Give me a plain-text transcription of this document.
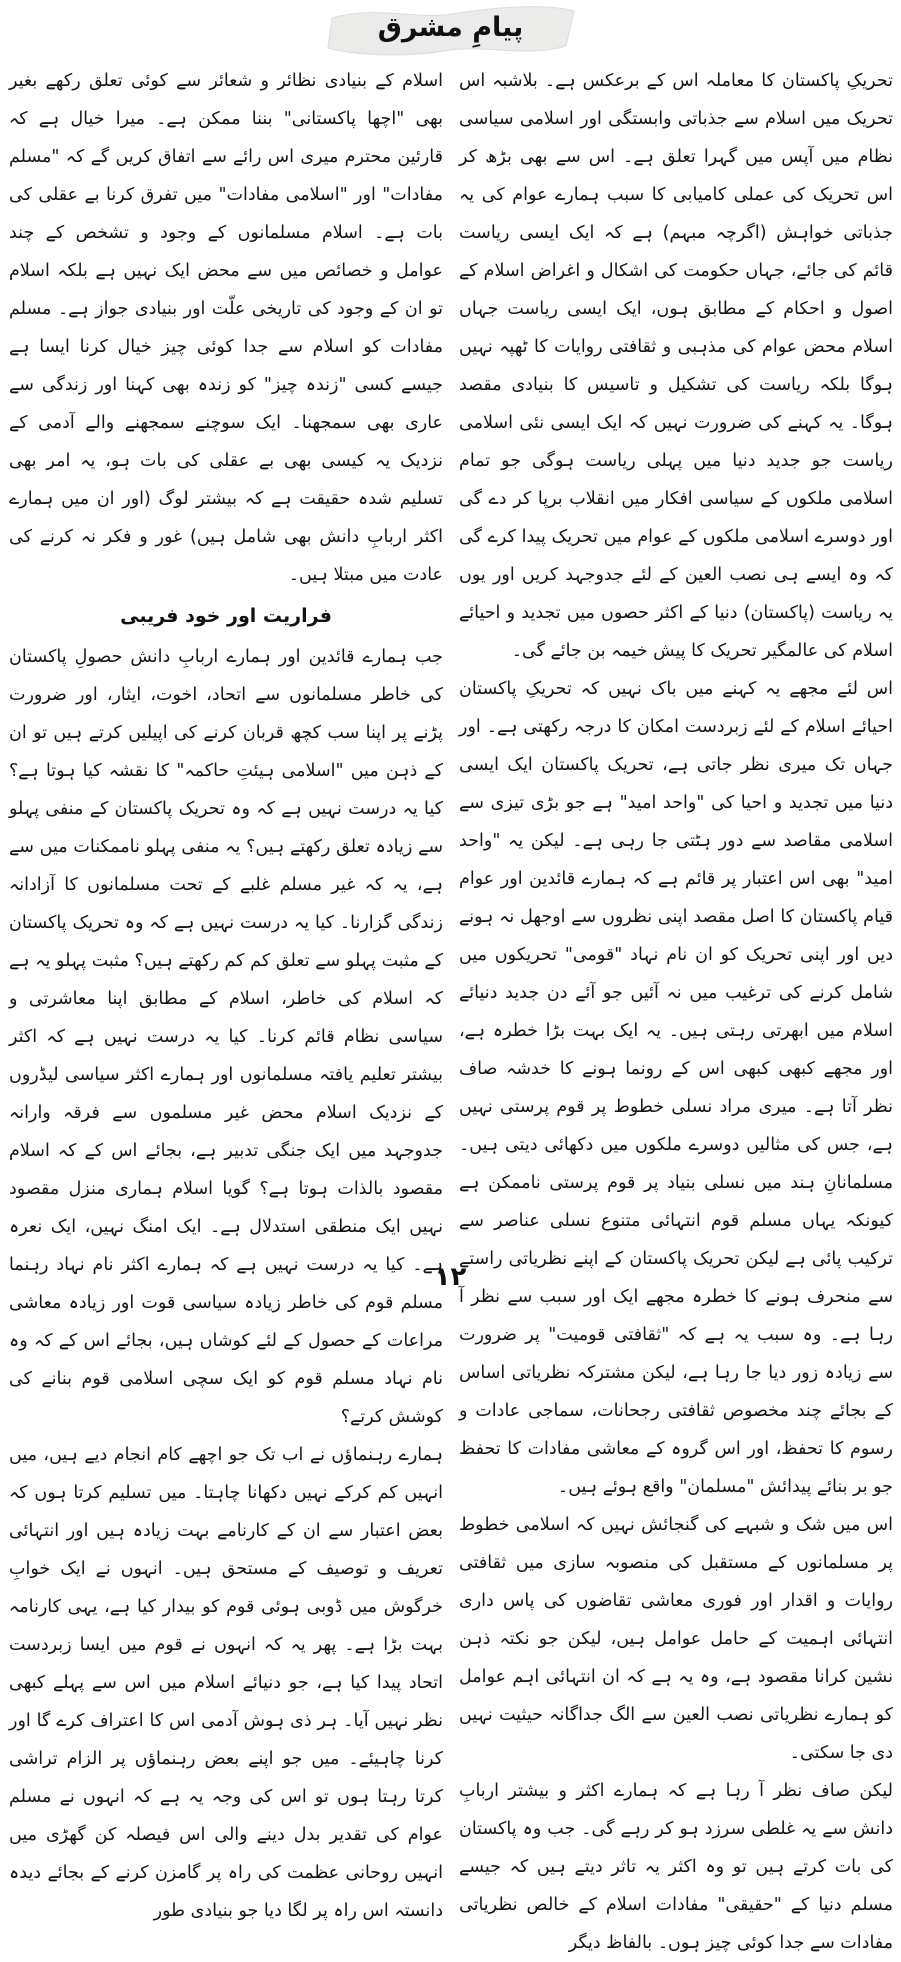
پیامِ مشرق

تحریکِ پاکستان کا معاملہ اس کے برعکس ہے۔ بلاشبہ اس تحریک میں اسلام سے جذباتی وابستگی اور اسلامی سیاسی نظام میں آپس میں گہرا تعلق ہے۔ اس سے بھی بڑھ کر اس تحریک کی عملی کامیابی کا سبب ہمارے عوام کی یہ جذباتی خواہش (اگرچہ مبہم) ہے کہ ایک ایسی ریاست قائم کی جائے، جہاں حکومت کی اشکال و اغراض اسلام کے اصول و احکام کے مطابق ہوں، ایک ایسی ریاست جہاں اسلام محض عوام کی مذہبی و ثقافتی روایات کا ٹھپہ نہیں ہوگا بلکہ ریاست کی تشکیل و تاسیس کا بنیادی مقصد ہوگا۔ یہ کہنے کی ضرورت نہیں کہ ایک ایسی نئی اسلامی ریاست جو جدید دنیا میں پہلی ریاست ہوگی جو تمام اسلامی ملکوں کے سیاسی افکار میں انقلاب برپا کر دے گی اور دوسرے اسلامی ملکوں کے عوام میں تحریک پیدا کرے گی کہ وہ ایسے ہی نصب العین کے لئے جدوجہد کریں اور یوں یہ ریاست (پاکستان) دنیا کے اکثر حصوں میں تجدید و احیائے اسلام کی عالمگیر تحریک کا پیش خیمہ بن جائے گی۔

اس لئے مجھے یہ کہنے میں باک نہیں کہ تحریکِ پاکستان احیائے اسلام کے لئے زبردست امکان کا درجہ رکھتی ہے۔ اور جہاں تک میری نظر جاتی ہے، تحریک پاکستان ایک ایسی دنیا میں تجدید و احیا کی "واحد امید" ہے جو بڑی تیزی سے اسلامی مقاصد سے دور ہٹتی جا رہی ہے۔ لیکن یہ "واحد امید" بھی اس اعتبار پر قائم ہے کہ ہمارے قائدین اور عوام قیام پاکستان کا اصل مقصد اپنی نظروں سے اوجھل نہ ہونے دیں اور اپنی تحریک کو ان نام نہاد "قومی" تحریکوں میں شامل کرنے کی ترغیب میں نہ آئیں جو آئے دن جدید دنیائے اسلام میں ابھرتی رہتی ہیں۔ یہ ایک بہت بڑا خطرہ ہے، اور مجھے کبھی کبھی اس کے رونما ہونے کا خدشہ صاف نظر آتا ہے۔ میری مراد نسلی خطوط پر قوم پرستی نہیں ہے، جس کی مثالیں دوسرے ملکوں میں دکھائی دیتی ہیں۔ مسلمانانِ ہند میں نسلی بنیاد پر قوم پرستی ناممکن ہے کیونکہ یہاں مسلم قوم انتہائی متنوع نسلی عناصر سے ترکیب پائی ہے لیکن تحریک پاکستان کے اپنے نظریاتی راستے سے منحرف ہونے کا خطرہ مجھے ایک اور سبب سے نظر آ رہا ہے۔ وہ سبب یہ ہے کہ "ثقافتی قومیت" پر ضرورت سے زیادہ زور دیا جا رہا ہے، لیکن مشترکہ نظریاتی اساس کے بجائے چند مخصوص ثقافتی رجحانات، سماجی عادات و رسوم کا تحفظ، اور اس گروہ کے معاشی مفادات کا تحفظ جو بر بنائے پیدائش "مسلمان" واقع ہوئے ہیں۔

اس میں شک و شبہے کی گنجائش نہیں کہ اسلامی خطوط پر مسلمانوں کے مستقبل کی منصوبہ سازی میں ثقافتی روایات و اقدار اور فوری معاشی تقاضوں کی پاس داری انتہائی اہمیت کے حامل عوامل ہیں، لیکن جو نکتہ ذہن نشین کرانا مقصود ہے، وہ یہ ہے کہ ان انتہائی اہم عوامل کو ہمارے نظریاتی نصب العین سے الگ جداگانہ حیثیت نہیں دی جا سکتی۔

لیکن صاف نظر آ رہا ہے کہ ہمارے اکثر و بیشتر اربابِ دانش سے یہ غلطی سرزد ہو کر رہے گی۔ جب وہ پاکستان کی بات کرتے ہیں تو وہ اکثر یہ تاثر دیتے ہیں کہ جیسے مسلم دنیا کے "حقیقی" مفادات اسلام کے خالص نظریاتی مفادات سے جدا کوئی چیز ہوں۔ بالفاظ دیگر

اسلام کے بنیادی نظائر و شعائر سے کوئی تعلق رکھے بغیر بھی "اچھا پاکستانی" بننا ممکن ہے۔ میرا خیال ہے کہ قارئین محترم میری اس رائے سے اتفاق کریں گے کہ "مسلم مفادات" اور "اسلامی مفادات" میں تفرق کرنا بے عقلی کی بات ہے۔ اسلام مسلمانوں کے وجود و تشخص کے چند عوامل و خصائص میں سے محض ایک نہیں ہے بلکہ اسلام تو ان کے وجود کی تاریخی علّت اور بنیادی جواز ہے۔ مسلم مفادات کو اسلام سے جدا کوئی چیز خیال کرنا ایسا ہے جیسے کسی "زندہ چیز" کو زندہ بھی کہنا اور زندگی سے عاری بھی سمجھنا۔ ایک سوچنے سمجھنے والے آدمی کے نزدیک یہ کیسی بھی بے عقلی کی بات ہو، یہ امر بھی تسلیم شدہ حقیقت ہے کہ بیشتر لوگ (اور ان میں ہمارے اکثر اربابِ دانش بھی شامل ہیں) غور و فکر نہ کرنے کی عادت میں مبتلا ہیں۔

فراریت اور خود فریبی

جب ہمارے قائدین اور ہمارے اربابِ دانش حصولِ پاکستان کی خاطر مسلمانوں سے اتحاد، اخوت، ایثار، اور ضرورت پڑنے پر اپنا سب کچھ قربان کرنے کی اپیلیں کرتے ہیں تو ان کے ذہن میں "اسلامی ہیئتِ حاکمہ" کا نقشہ کیا ہوتا ہے؟ کیا یہ درست نہیں ہے کہ وہ تحریک پاکستان کے منفی پہلو سے زیادہ تعلق رکھتے ہیں؟ یہ منفی پہلو ناممکنات میں سے ہے، یہ کہ غیر مسلم غلبے کے تحت مسلمانوں کا آزادانہ زندگی گزارنا۔ کیا یہ درست نہیں ہے کہ وہ تحریک پاکستان کے مثبت پہلو سے تعلق کم کم رکھتے ہیں؟ مثبت پہلو یہ ہے کہ اسلام کی خاطر، اسلام کے مطابق اپنا معاشرتی و سیاسی نظام قائم کرنا۔ کیا یہ درست نہیں ہے کہ اکثر بیشتر تعلیم یافتہ مسلمانوں اور ہمارے اکثر سیاسی لیڈروں کے نزدیک اسلام محض غیر مسلموں سے فرقہ وارانہ جدوجہد میں ایک جنگی تدبیر ہے، بجائے اس کے کہ اسلام مقصود بالذات ہوتا ہے؟ گویا اسلام ہماری منزل مقصود نہیں ایک منطقی استدلال ہے۔ ایک امنگ نہیں، ایک نعرہ ہے۔ کیا یہ درست نہیں ہے کہ ہمارے اکثر نام نہاد رہنما مسلم قوم کی خاطر زیادہ سیاسی قوت اور زیادہ معاشی مراعات کے حصول کے لئے کوشاں ہیں، بجائے اس کے کہ وہ نام نہاد مسلم قوم کو ایک سچی اسلامی قوم بنانے کی کوشش کرتے؟

ہمارے رہنماؤں نے اب تک جو اچھے کام انجام دیے ہیں، میں انہیں کم کرکے نہیں دکھانا چاہتا۔ میں تسلیم کرتا ہوں کہ بعض اعتبار سے ان کے کارنامے بہت زیادہ ہیں اور انتہائی تعریف و توصیف کے مستحق ہیں۔ انہوں نے ایک خوابِ خرگوش میں ڈوبی ہوئی قوم کو بیدار کیا ہے، یہی کارنامہ بہت بڑا ہے۔ پھر یہ کہ انہوں نے قوم میں ایسا زبردست اتحاد پیدا کیا ہے، جو دنیائے اسلام میں اس سے پہلے کبھی نظر نہیں آیا۔ ہر ذی ہوش آدمی اس کا اعتراف کرے گا اور کرنا چاہیئے۔ میں جو اپنے بعض رہنماؤں پر الزام تراشی کرتا رہتا ہوں تو اس کی وجہ یہ ہے کہ انہوں نے مسلم عوام کی تقدیر بدل دینے والی اس فیصلہ کن گھڑی میں انہیں روحانی عظمت کی راہ پر گامزن کرنے کے بجائے دیدہ دانستہ اس راہ پر لگا دیا جو بنیادی طور

۱۲
